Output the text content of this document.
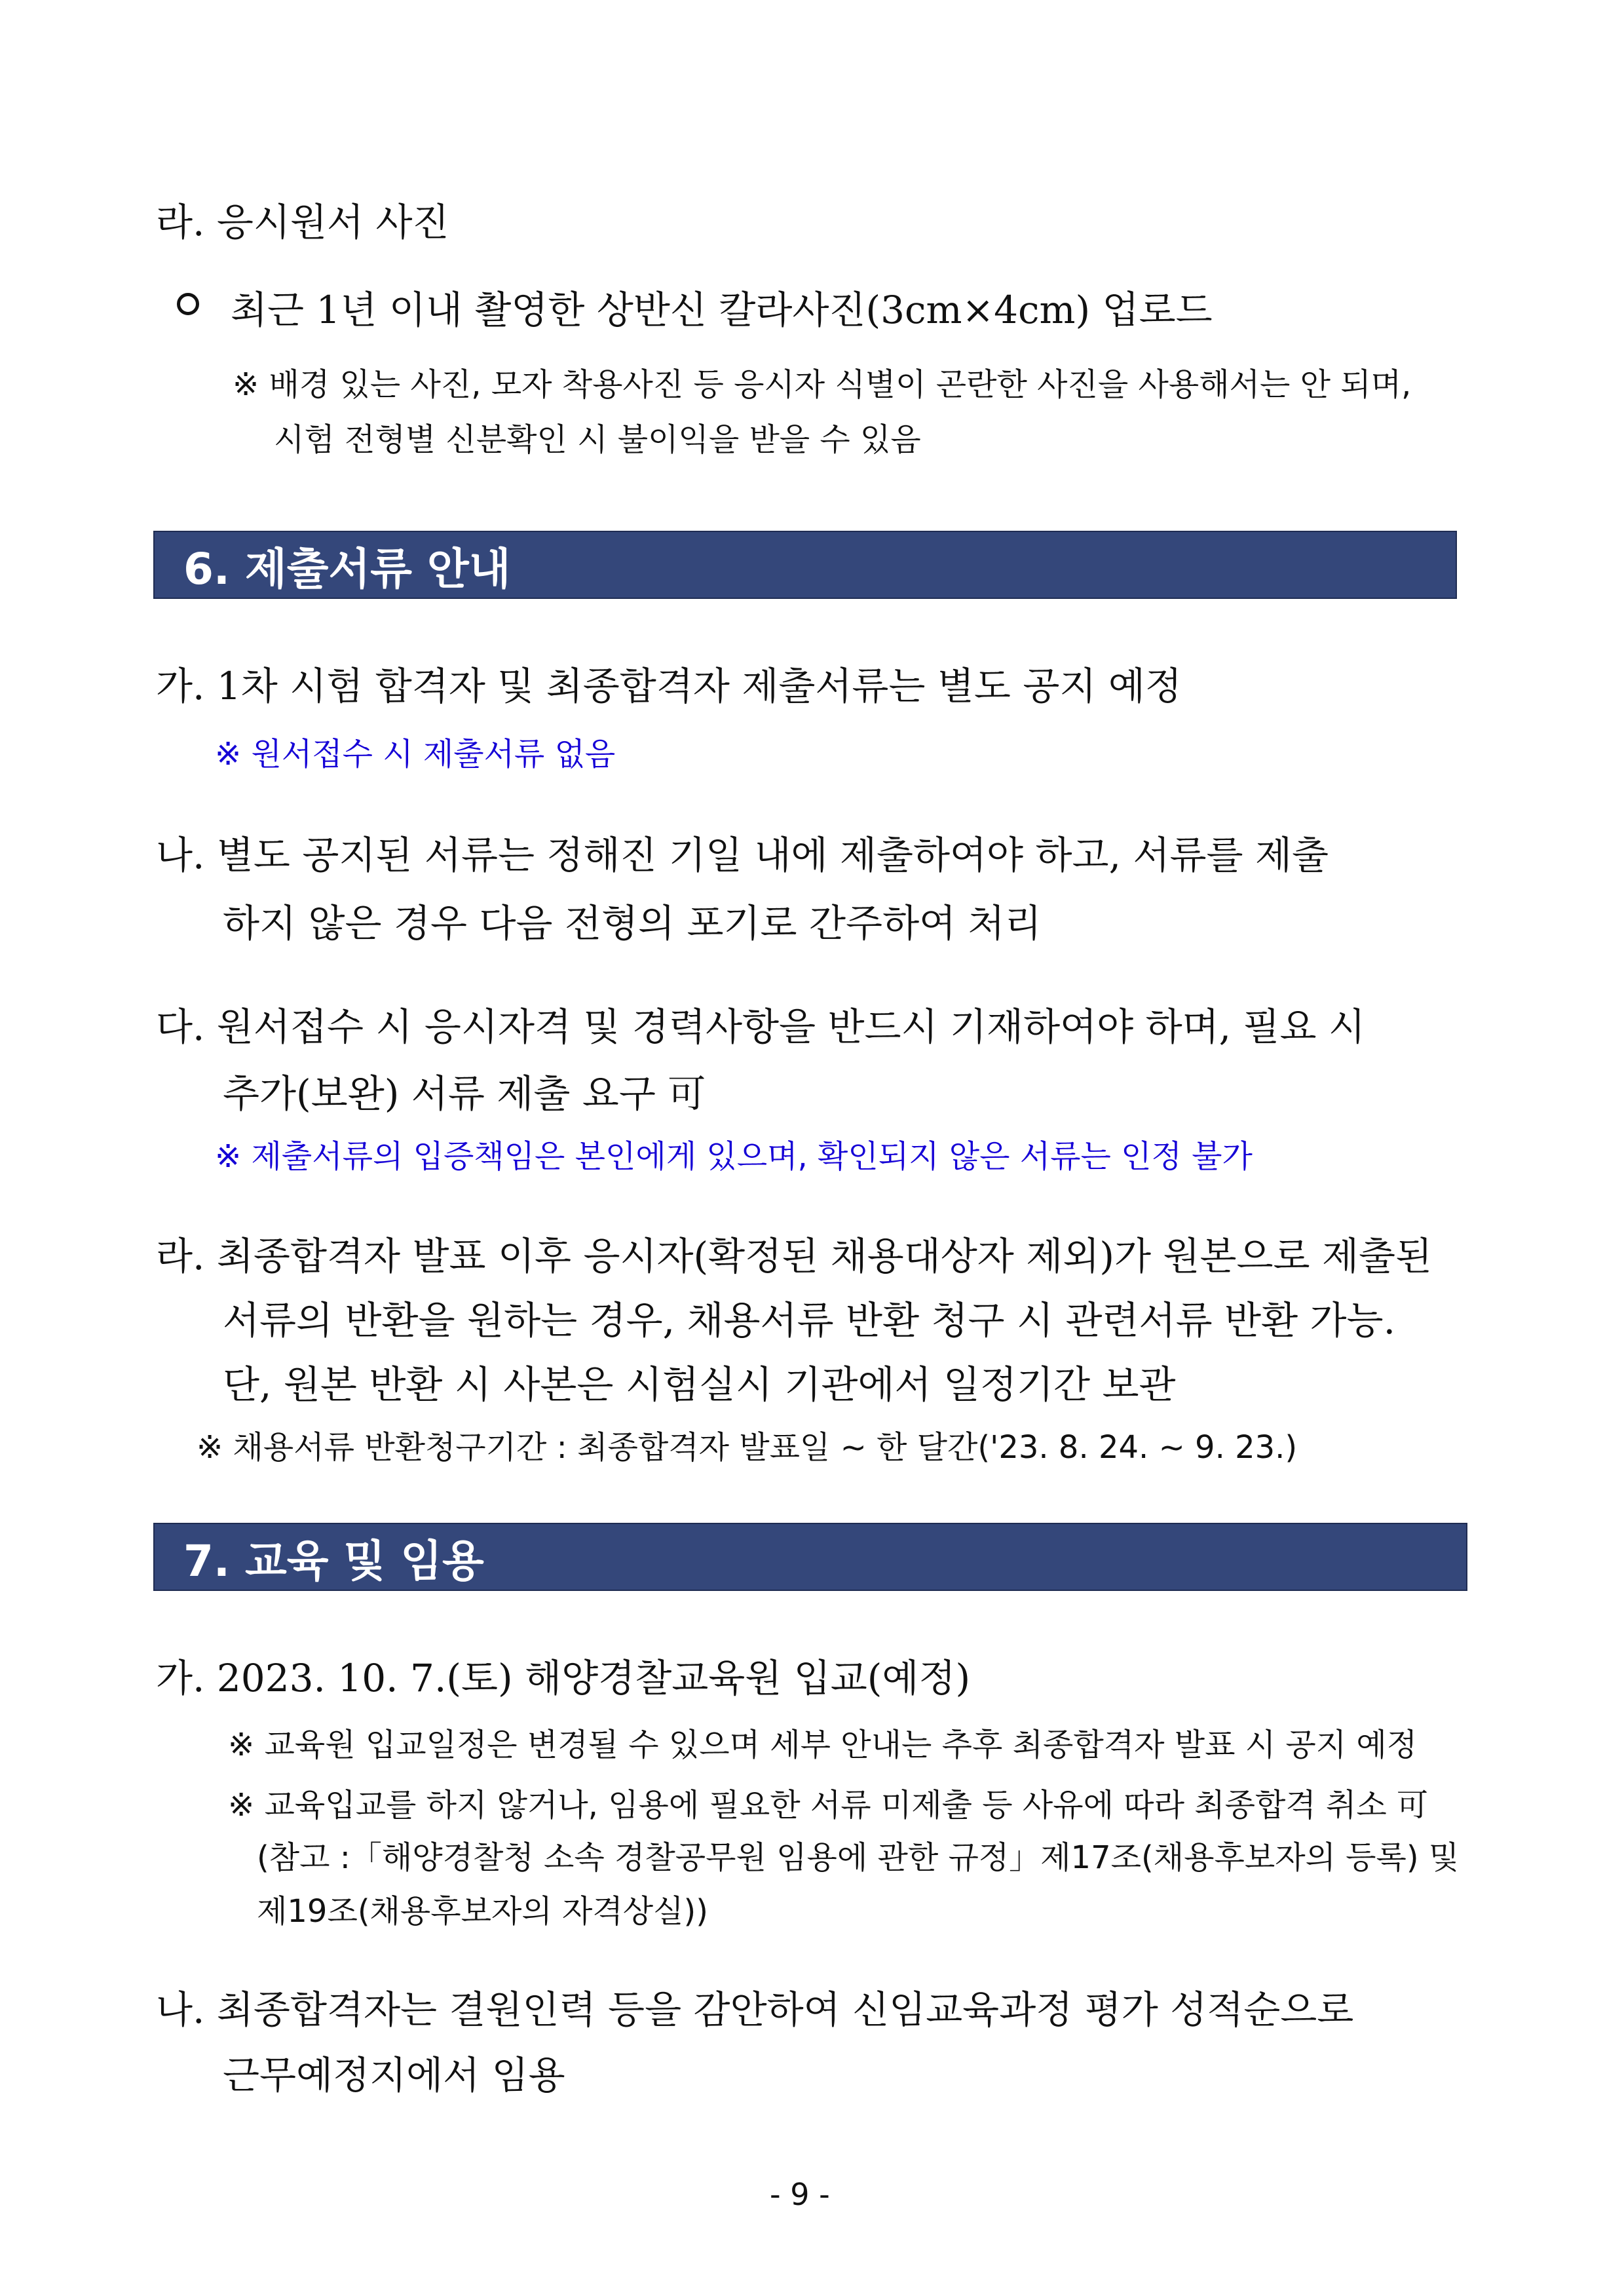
라. 응시원서 사진
최근 1년 이내 촬영한 상반신 칼라사진(3cm×4cm) 업로드
※ 배경 있는 사진, 모자 착용사진 등 응시자 식별이 곤란한 사진을 사용해서는 안 되며,
시험 전형별 신분확인 시 불이익을 받을 수 있음
6. 제출서류 안내
가. 1차 시험 합격자 및 최종합격자 제출서류는 별도 공지 예정
※ 원서접수 시 제출서류 없음
나. 별도 공지된 서류는 정해진 기일 내에 제출하여야 하고, 서류를 제출
하지 않은 경우 다음 전형의 포기로 간주하여 처리
다. 원서접수 시 응시자격 및 경력사항을 반드시 기재하여야 하며, 필요 시
추가(보완) 서류 제출 요구 可
※ 제출서류의 입증책임은 본인에게 있으며, 확인되지 않은 서류는 인정 불가
라. 최종합격자 발표 이후 응시자(확정된 채용대상자 제외)가 원본으로 제출된
서류의 반환을 원하는 경우, 채용서류 반환 청구 시 관련서류 반환 가능.
단, 원본 반환 시 사본은 시험실시 기관에서 일정기간 보관
※ 채용서류 반환청구기간 : 최종합격자 발표일 ~ 한 달간('23. 8. 24. ~ 9. 23.)
7. 교육 및 임용
가. 2023. 10. 7.(토) 해양경찰교육원 입교(예정)
※ 교육원 입교일정은 변경될 수 있으며 세부 안내는 추후 최종합격자 발표 시 공지 예정
※ 교육입교를 하지 않거나, 임용에 필요한 서류 미제출 등 사유에 따라 최종합격 취소 可
(참고 :「해양경찰청 소속 경찰공무원 임용에 관한 규정」제17조(채용후보자의 등록) 및
제19조(채용후보자의 자격상실))
나. 최종합격자는 결원인력 등을 감안하여 신임교육과정 평가 성적순으로
근무예정지에서 임용
- 9 -
